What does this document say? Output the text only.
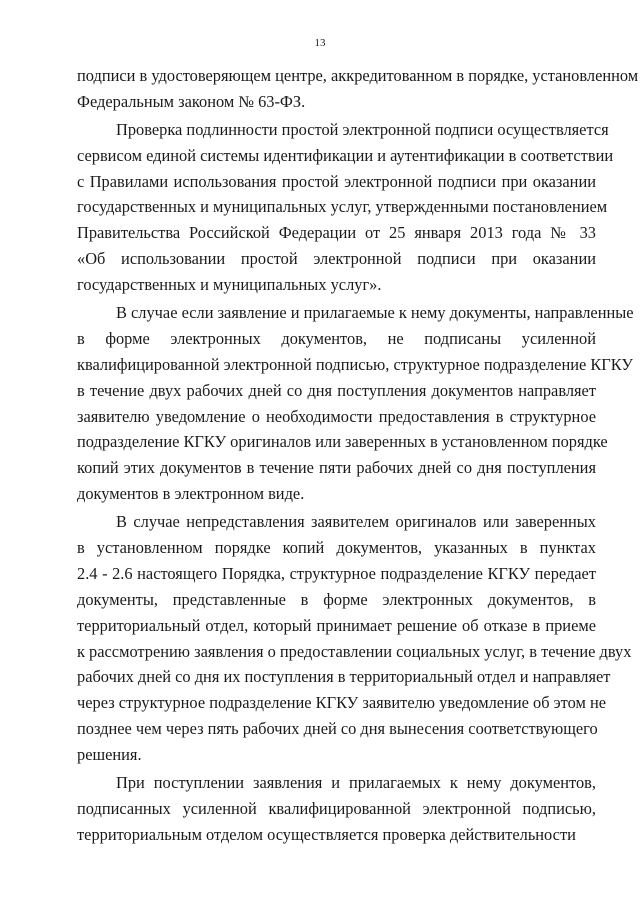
13
подписи в удостоверяющем центре, аккредитованном в порядке, установленном
Федеральным законом № 63-ФЗ.
Проверка подлинности простой электронной подписи осуществляется
сервисом единой системы идентификации и аутентификации в соответствии
с Правилами использования простой электронной подписи при оказании
государственных и муниципальных услуг, утвержденными постановлением
Правительства Российской Федерации от 25 января 2013 года № 33
«Об использовании простой электронной подписи при оказании
государственных и муниципальных услуг».
В случае если заявление и прилагаемые к нему документы, направленные
в форме электронных документов, не подписаны усиленной
квалифицированной электронной подписью, структурное подразделение КГКУ
в течение двух рабочих дней со дня поступления документов направляет
заявителю уведомление о необходимости предоставления в структурное
подразделение КГКУ оригиналов или заверенных в установленном порядке
копий этих документов в течение пяти рабочих дней со дня поступления
документов в электронном виде.
В случае непредставления заявителем оригиналов или заверенных
в установленном порядке копий документов, указанных в пунктах
2.4 - 2.6 настоящего Порядка, структурное подразделение КГКУ передает
документы, представленные в форме электронных документов, в
территориальный отдел, который принимает решение об отказе в приеме
к рассмотрению заявления о предоставлении социальных услуг, в течение двух
рабочих дней со дня их поступления в территориальный отдел и направляет
через структурное подразделение КГКУ заявителю уведомление об этом не
позднее чем через пять рабочих дней со дня вынесения соответствующего
решения.
При поступлении заявления и прилагаемых к нему документов,
подписанных усиленной квалифицированной электронной подписью,
территориальным отделом осуществляется проверка действительности
